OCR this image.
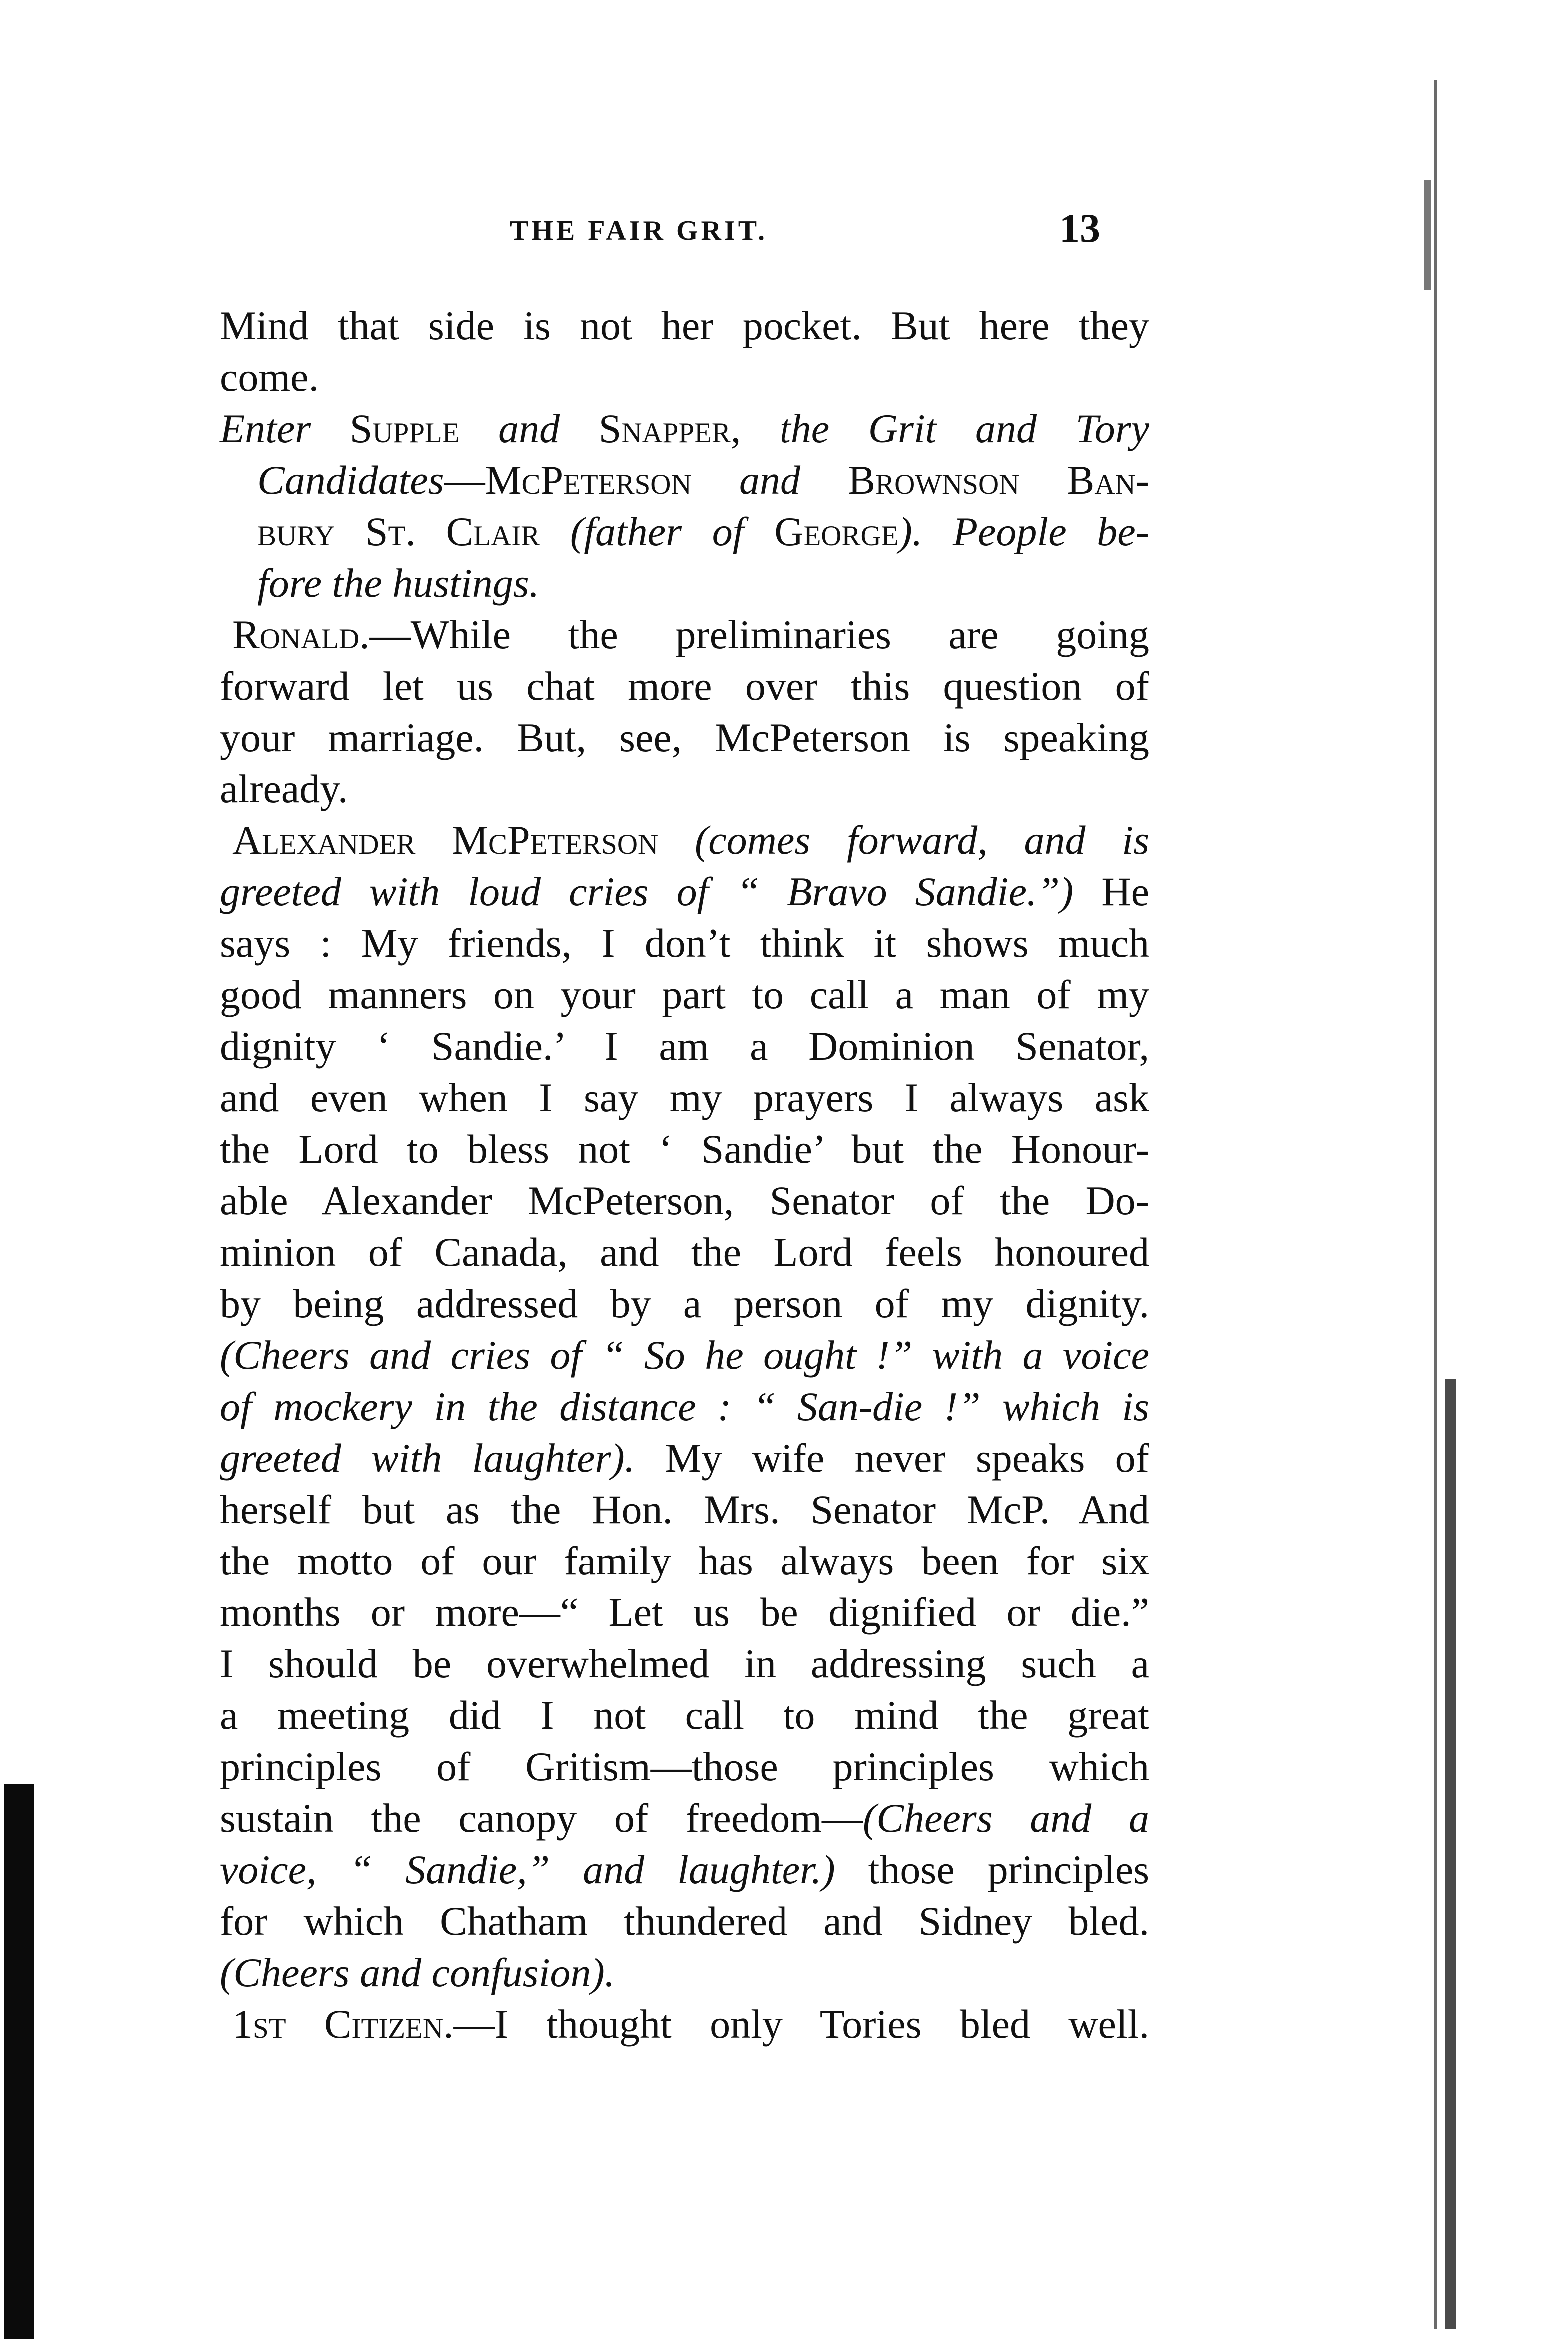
THE FAIR GRIT.	13
Mind that side is not her pocket. But here they
come.
Enter Supple and Snapper, the Grit and Tory
Candidates—McPeterson and Brownson Ban-
bury St. Clair (father of George). People be-
fore the hustings.
Ronald.—While the preliminaries are going
forward let us chat more over this question of
your marriage. But, see, McPeterson is speaking
already.
Alexander McPeterson (comes forward, and is
greeted with loud cries of “ Bravo Sandie.”) He
says : My friends, I don’t think it shows much
good manners on your part to call a man of my
dignity ‘ Sandie.’ I am a Dominion Senator,
and even when I say my prayers I always ask
the Lord to bless not ‘ Sandie’ but the Honour-
able Alexander McPeterson, Senator of the Do-
minion of Canada, and the Lord feels honoured
by being addressed by a person of my dignity.
(Cheers and cries of “ So he ought !” with a voice
of mockery in the distance : “ San-die !” which is
greeted with laughter). My wife never speaks of
herself but as the Hon. Mrs. Senator McP. And
the motto of our family has always been for six
months or more—“ Let us be dignified or die.”
I should be overwhelmed in addressing such a
a meeting did I not call to mind the great
principles of Gritism—those principles which
sustain the canopy of freedom—(Cheers and a
voice, “ Sandie,” and laughter.) those principles
for which Chatham thundered and Sidney bled.
(Cheers and confusion).
1st Citizen.—I thought only Tories bled well.
